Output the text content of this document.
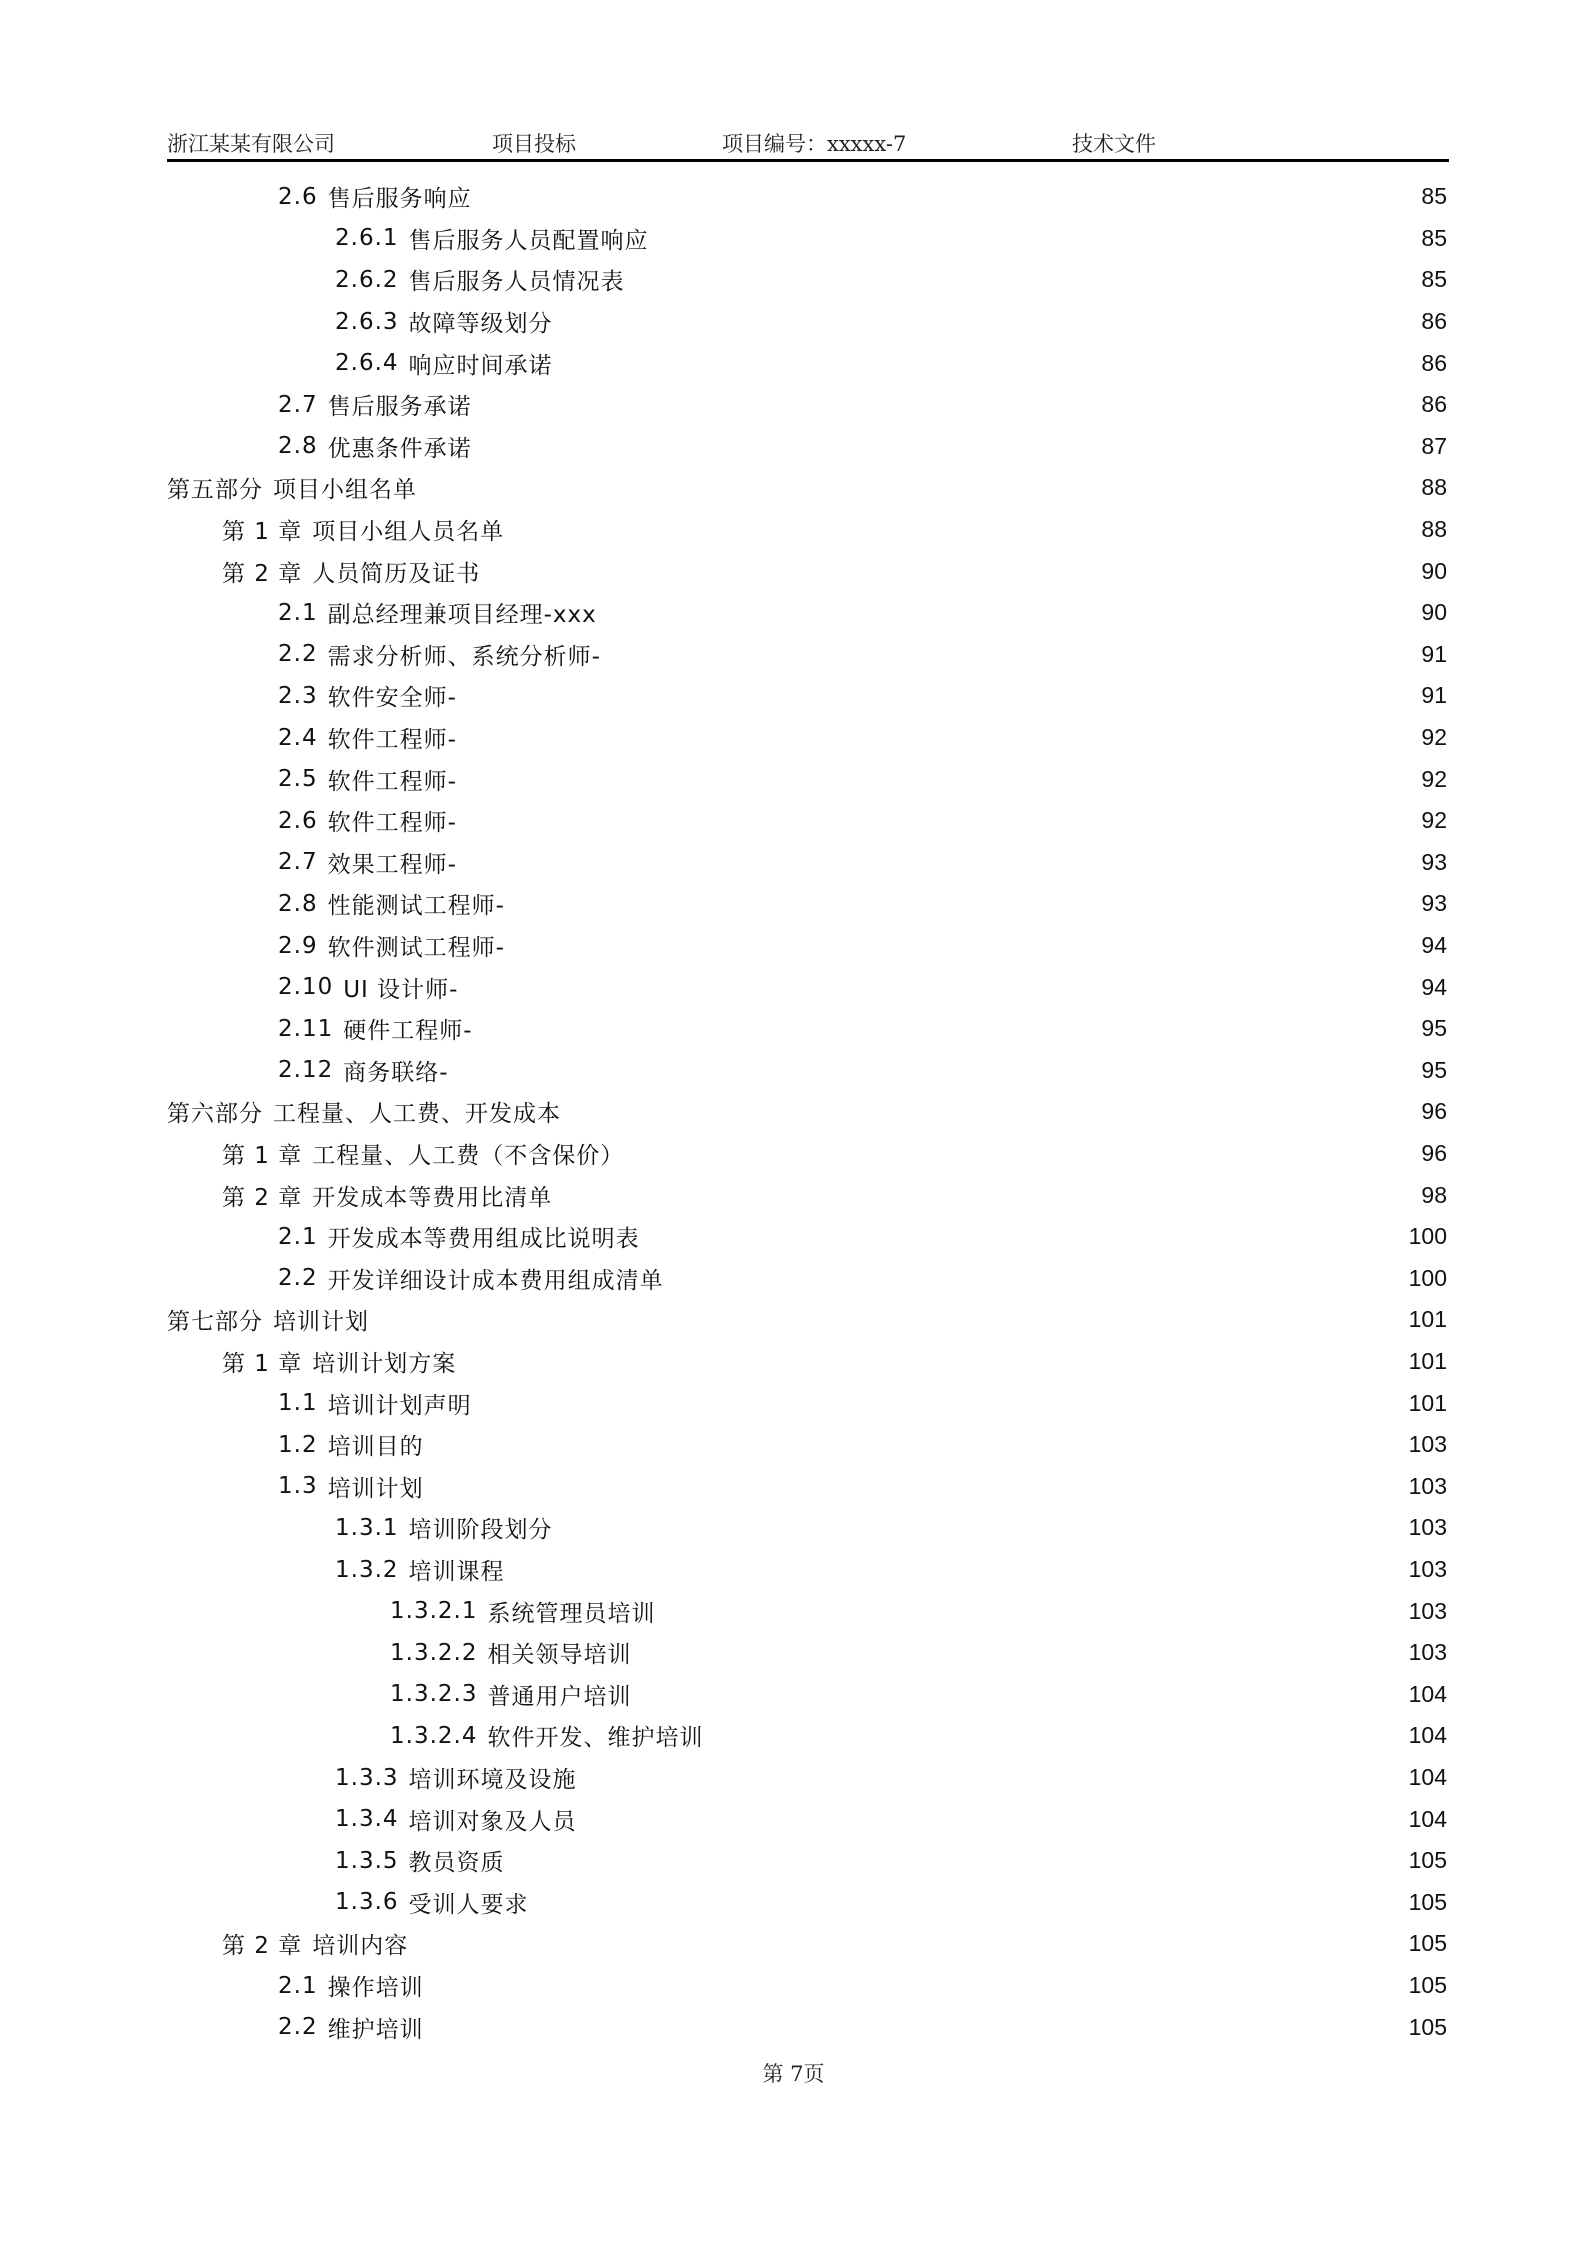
浙江某某有限公司	项目投标	项目编号：xxxxx-7	技术文件
2.6 售后服务响应	85
2.6.1 售后服务人员配置响应	85
2.6.2 售后服务人员情况表	85
2.6.3 故障等级划分	86
2.6.4 响应时间承诺	86
2.7 售后服务承诺	86
2.8 优惠条件承诺	87
第五部分 项目小组名单	88
第 1 章 项目小组人员名单	88
第 2 章 人员简历及证书	90
2.1 副总经理兼项目经理-xxx	90
2.2 需求分析师、系统分析师-	91
2.3 软件安全师-	91
2.4 软件工程师-	92
2.5 软件工程师-	92
2.6 软件工程师-	92
2.7 效果工程师-	93
2.8 性能测试工程师-	93
2.9 软件测试工程师-	94
2.10 UI 设计师-	94
2.11 硬件工程师-	95
2.12 商务联络-	95
第六部分 工程量、人工费、开发成本	96
第 1 章 工程量、人工费（不含保价）	96
第 2 章 开发成本等费用比清单	98
2.1 开发成本等费用组成比说明表	100
2.2 开发详细设计成本费用组成清单	100
第七部分 培训计划	101
第 1 章 培训计划方案	101
1.1 培训计划声明	101
1.2 培训目的	103
1.3 培训计划	103
1.3.1 培训阶段划分	103
1.3.2 培训课程	103
1.3.2.1 系统管理员培训	103
1.3.2.2 相关领导培训	103
1.3.2.3 普通用户培训	104
1.3.2.4 软件开发、维护培训	104
1.3.3 培训环境及设施	104
1.3.4 培训对象及人员	104
1.3.5 教员资质	105
1.3.6 受训人要求	105
第 2 章 培训内容	105
2.1 操作培训	105
2.2 维护培训	105
第 7页
